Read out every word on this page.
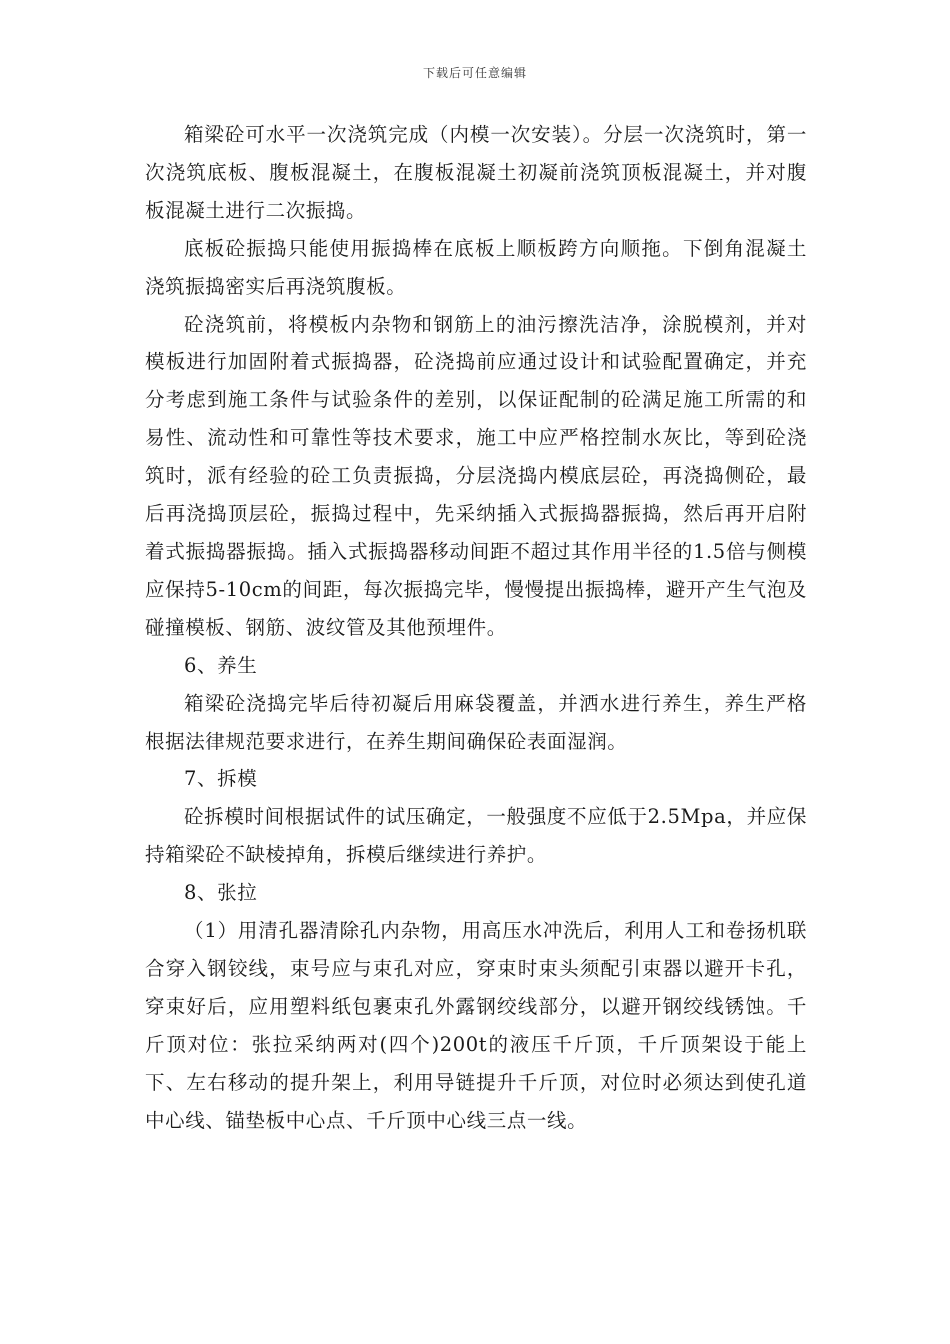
下载后可任意编辑

箱梁砼可水平一次浇筑完成（内模一次安装）。分层一次浇筑时，第一次浇筑底板、腹板混凝土，在腹板混凝土初凝前浇筑顶板混凝土，并对腹板混凝土进行二次振捣。

底板砼振捣只能使用振捣棒在底板上顺板跨方向顺拖。下倒角混凝土浇筑振捣密实后再浇筑腹板。

砼浇筑前，将模板内杂物和钢筋上的油污擦洗洁净，涂脱模剂，并对模板进行加固附着式振捣器，砼浇捣前应通过设计和试验配置确定，并充分考虑到施工条件与试验条件的差别，以保证配制的砼满足施工所需的和易性、流动性和可靠性等技术要求，施工中应严格控制水灰比，等到砼浇筑时，派有经验的砼工负责振捣，分层浇捣内模底层砼，再浇捣侧砼，最后再浇捣顶层砼，振捣过程中，先采纳插入式振捣器振捣，然后再开启附着式振捣器振捣。插入式振捣器移动间距不超过其作用半径的1.5倍与侧模应保持5-10cm的间距，每次振捣完毕，慢慢提出振捣棒，避开产生气泡及碰撞模板、钢筋、波纹管及其他预埋件。

6、养生

箱梁砼浇捣完毕后待初凝后用麻袋覆盖，并洒水进行养生，养生严格根据法律规范要求进行，在养生期间确保砼表面湿润。

7、拆模

砼拆模时间根据试件的试压确定，一般强度不应低于2.5Mpa，并应保持箱梁砼不缺棱掉角，拆模后继续进行养护。

8、张拉

（1）用清孔器清除孔内杂物，用高压水冲洗后，利用人工和卷扬机联合穿入钢铰线，束号应与束孔对应，穿束时束头须配引束器以避开卡孔，穿束好后，应用塑料纸包裹束孔外露钢绞线部分，以避开钢绞线锈蚀。千斤顶对位：张拉采纳两对(四个)200t的液压千斤顶，千斤顶架设于能上下、左右移动的提升架上，利用导链提升千斤顶，对位时必须达到使孔道中心线、锚垫板中心点、千斤顶中心线三点一线。
